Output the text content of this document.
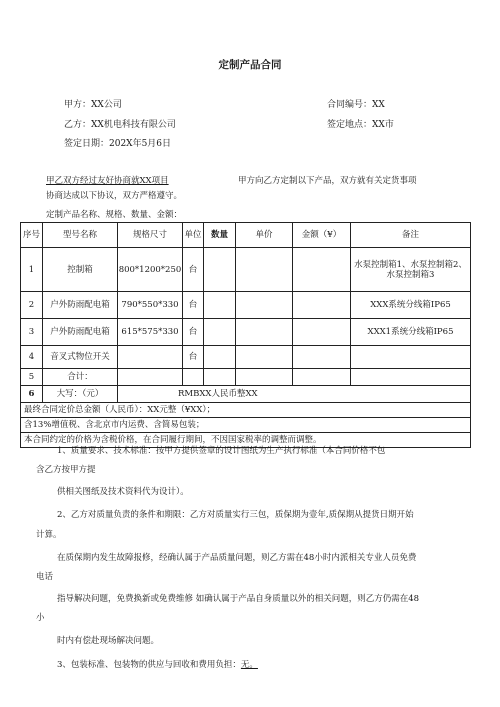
定制产品合同
甲方：XX公司	合同编号：XX
乙方：XX机电科技有限公司	签定地点：XX市
签定日期：202X年5月6日
甲乙双方经过友好协商就XX项目	甲方向乙方定制以下产品，双方就有关定货事项
协商达成以下协议，双方严格遵守。
定制产品名称、规格、数量、金额：
序号	型号名称	规格尺寸	单位	数量	单价	金额（¥）	备注
1	控制箱	800*1200*250	台				水泵控制箱1、水泵控制箱2、水泵控制箱3
2	户外防雨配电箱	790*550*330	台				XXX系统分线箱IP65
3	户外防雨配电箱	615*575*330	台				XXX1系统分线箱IP65
4	音叉式物位开关		台				
5	合计：						
6	大写：（元）	RMBXX人民币整XX					
最终合同定价总金额（人民币）：XX元整（¥XX）；							
含13%增值税、含北京市内运费、含简易包装；							
本合同约定的价格为含税价格，在合同履行期间，不因国家税率的调整而调整。							
1、质量要求、技术标准：按甲方提供签章的设计图纸为生产执行标准（本合同价格不包
含乙方按甲方提
供相关图纸及技术资料代为设计）。
2、乙方对质量负责的条件和期限：乙方对质量实行三包，质保期为壹年,质保期从提货日期开始
计算。
在质保期内发生故障报修，经确认属于产品质量问题，则乙方需在48小时内派相关专业人员免费
电话
指导解决问题，免费换新或免费维修 如确认属于产品自身质量以外的相关问题，则乙方仍需在48
小
时内有偿赴现场解决问题。
3、包装标准、包装物的供应与回收和费用负担：无。
